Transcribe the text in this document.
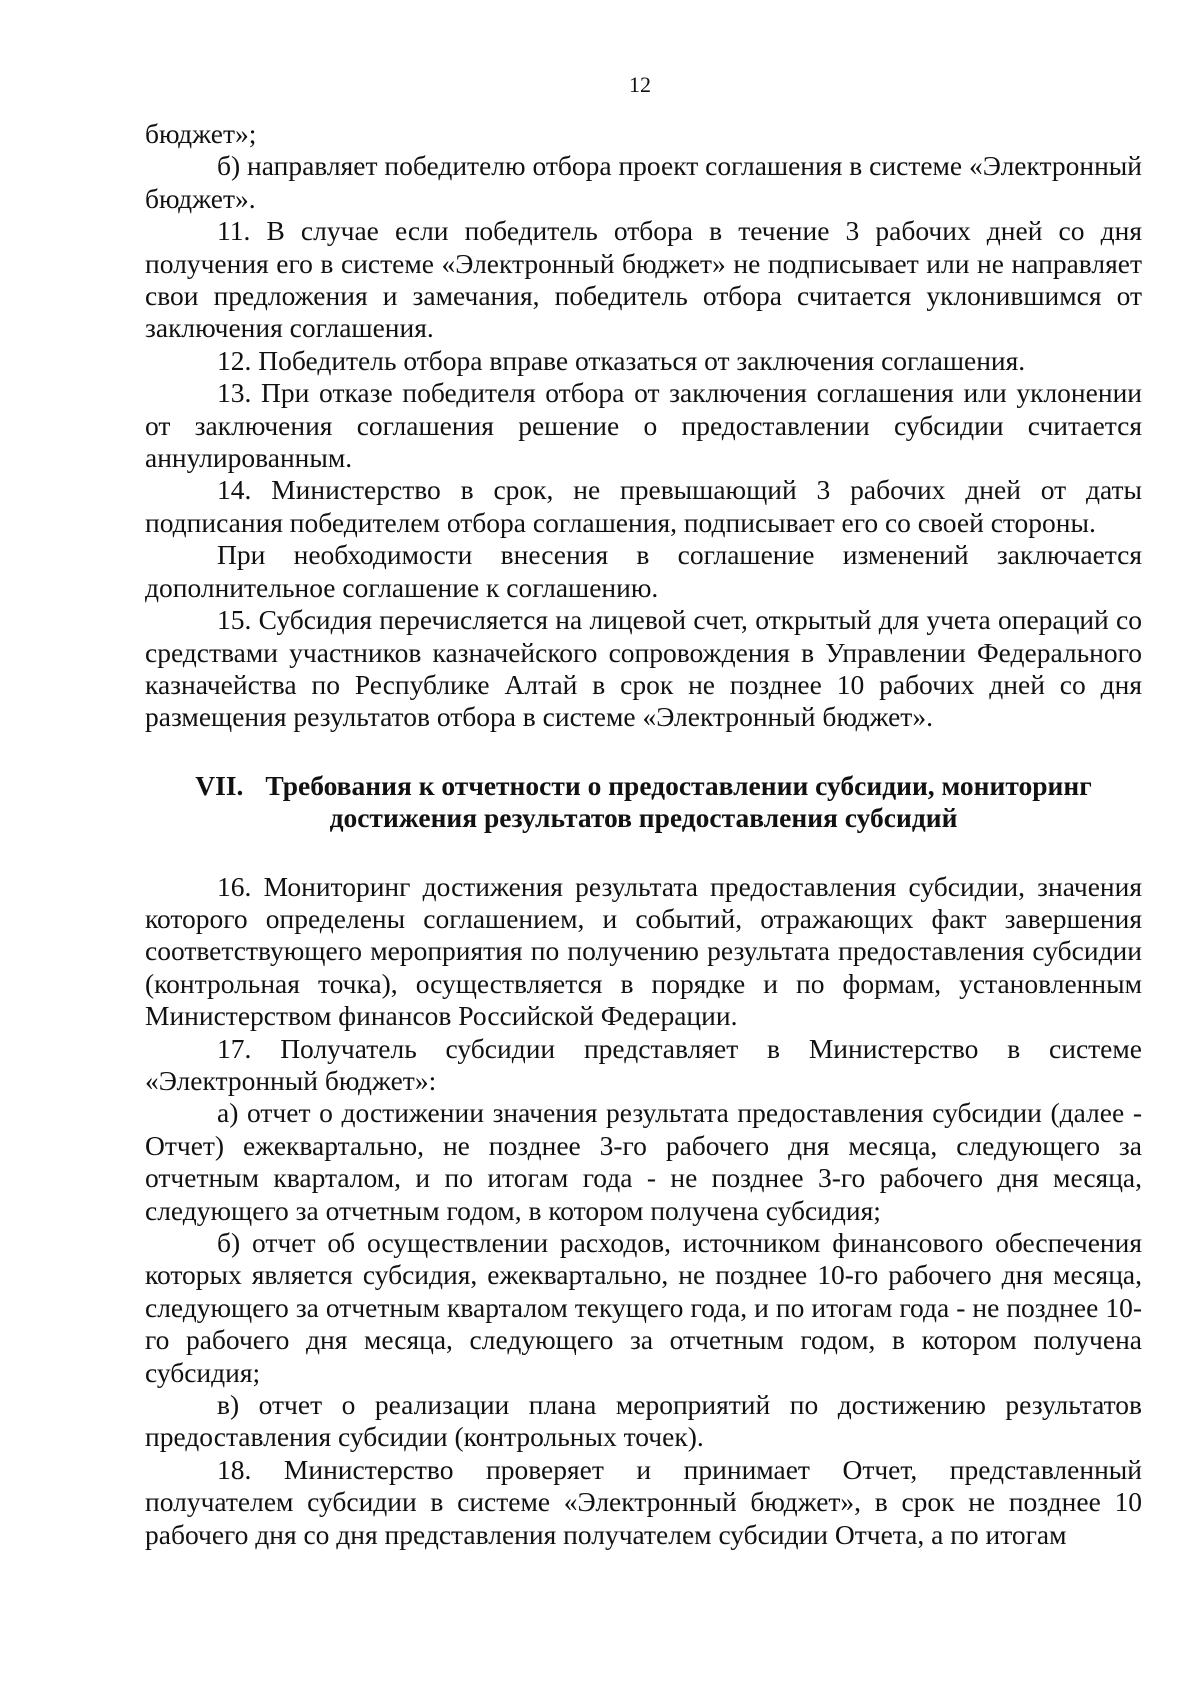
12

бюджет»;

б) направляет победителю отбора проект соглашения в системе «Электронный бюджет».

11. В случае если победитель отбора в течение 3 рабочих дней со дня получения его в системе «Электронный бюджет» не подписывает или не направляет свои предложения и замечания, победитель отбора считается уклонившимся от заключения соглашения.

12. Победитель отбора вправе отказаться от заключения соглашения.

13. При отказе победителя отбора от заключения соглашения или уклонении от заключения соглашения решение о предоставлении субсидии считается аннулированным.

14. Министерство в срок, не превышающий 3 рабочих дней от даты подписания победителем отбора соглашения, подписывает его со своей стороны.

При необходимости внесения в соглашение изменений заключается дополнительное соглашение к соглашению.

15. Субсидия перечисляется на лицевой счет, открытый для учета операций со средствами участников казначейского сопровождения в Управлении Федерального казначейства по Республике Алтай в срок не позднее 10 рабочих дней со дня размещения результатов отбора в системе «Электронный бюджет».

VII. Требования к отчетности о предоставлении субсидии, мониторинг
достижения результатов предоставления субсидий

16. Мониторинг достижения результата предоставления субсидии, значения которого определены соглашением, и событий, отражающих факт завершения соответствующего мероприятия по получению результата предоставления субсидии (контрольная точка), осуществляется в порядке и по формам, установленным Министерством финансов Российской Федерации.

17. Получатель субсидии представляет в Министерство в системе «Электронный бюджет»:

а) отчет о достижении значения результата предоставления субсидии (далее - Отчет) ежеквартально, не позднее 3-го рабочего дня месяца, следующего за отчетным кварталом, и по итогам года - не позднее 3-го рабочего дня месяца, следующего за отчетным годом, в котором получена субсидия;

б) отчет об осуществлении расходов, источником финансового обеспечения которых является субсидия, ежеквартально, не позднее 10-го рабочего дня месяца, следующего за отчетным кварталом текущего года, и по итогам года - не позднее 10-го рабочего дня месяца, следующего за отчетным годом, в котором получена субсидия;

в) отчет о реализации плана мероприятий по достижению результатов предоставления субсидии (контрольных точек).

18. Министерство проверяет и принимает Отчет, представленный получателем субсидии в системе «Электронный бюджет», в срок не позднее 10 рабочего дня со дня представления получателем субсидии Отчета, а по итогам
